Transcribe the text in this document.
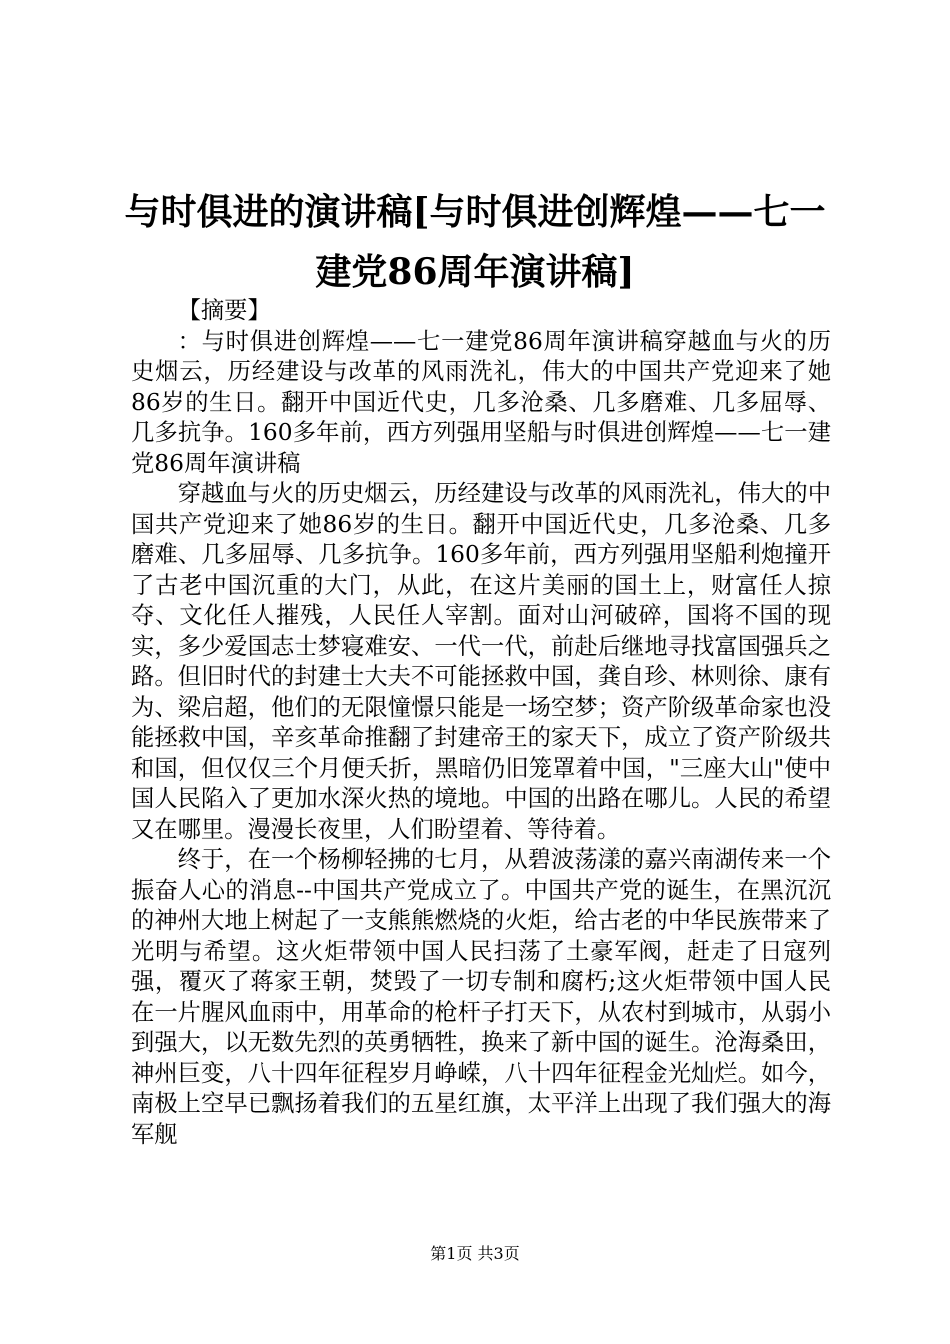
与时俱进的演讲稿[与时俱进创辉煌——七一建党86周年演讲稿]

【摘要】

：与时俱进创辉煌——七一建党86周年演讲稿穿越血与火的历史烟云，历经建设与改革的风雨洗礼，伟大的中国共产党迎来了她86岁的生日。翻开中国近代史，几多沧桑、几多磨难、几多屈辱、几多抗争。160多年前，西方列强用坚船与时俱进创辉煌——七一建党86周年演讲稿

穿越血与火的历史烟云，历经建设与改革的风雨洗礼，伟大的中国共产党迎来了她86岁的生日。翻开中国近代史，几多沧桑、几多磨难、几多屈辱、几多抗争。160多年前，西方列强用坚船利炮撞开了古老中国沉重的大门，从此，在这片美丽的国土上，财富任人掠夺、文化任人摧残，人民任人宰割。面对山河破碎，国将不国的现实，多少爱国志士梦寝难安、一代一代，前赴后继地寻找富国强兵之路。但旧时代的封建士大夫不可能拯救中国，龚自珍、林则徐、康有为、梁启超，他们的无限憧憬只能是一场空梦；资产阶级革命家也没能拯救中国，辛亥革命推翻了封建帝王的家天下，成立了资产阶级共和国，但仅仅三个月便夭折，黑暗仍旧笼罩着中国，"三座大山"使中国人民陷入了更加水深火热的境地。中国的出路在哪儿。人民的希望又在哪里。漫漫长夜里，人们盼望着、等待着。

终于，在一个杨柳轻拂的七月，从碧波荡漾的嘉兴南湖传来一个振奋人心的消息--中国共产党成立了。中国共产党的诞生，在黑沉沉的神州大地上树起了一支熊熊燃烧的火炬，给古老的中华民族带来了光明与希望。这火炬带领中国人民扫荡了土豪军阀，赶走了日寇列强，覆灭了蒋家王朝，焚毁了一切专制和腐朽;这火炬带领中国人民在一片腥风血雨中，用革命的枪杆子打天下，从农村到城市，从弱小到强大，以无数先烈的英勇牺牲，换来了新中国的诞生。沧海桑田，神州巨变，八十四年征程岁月峥嵘，八十四年征程金光灿烂。如今，南极上空早已飘扬着我们的五星红旗，太平洋上出现了我们强大的海军舰

第1页 共3页
